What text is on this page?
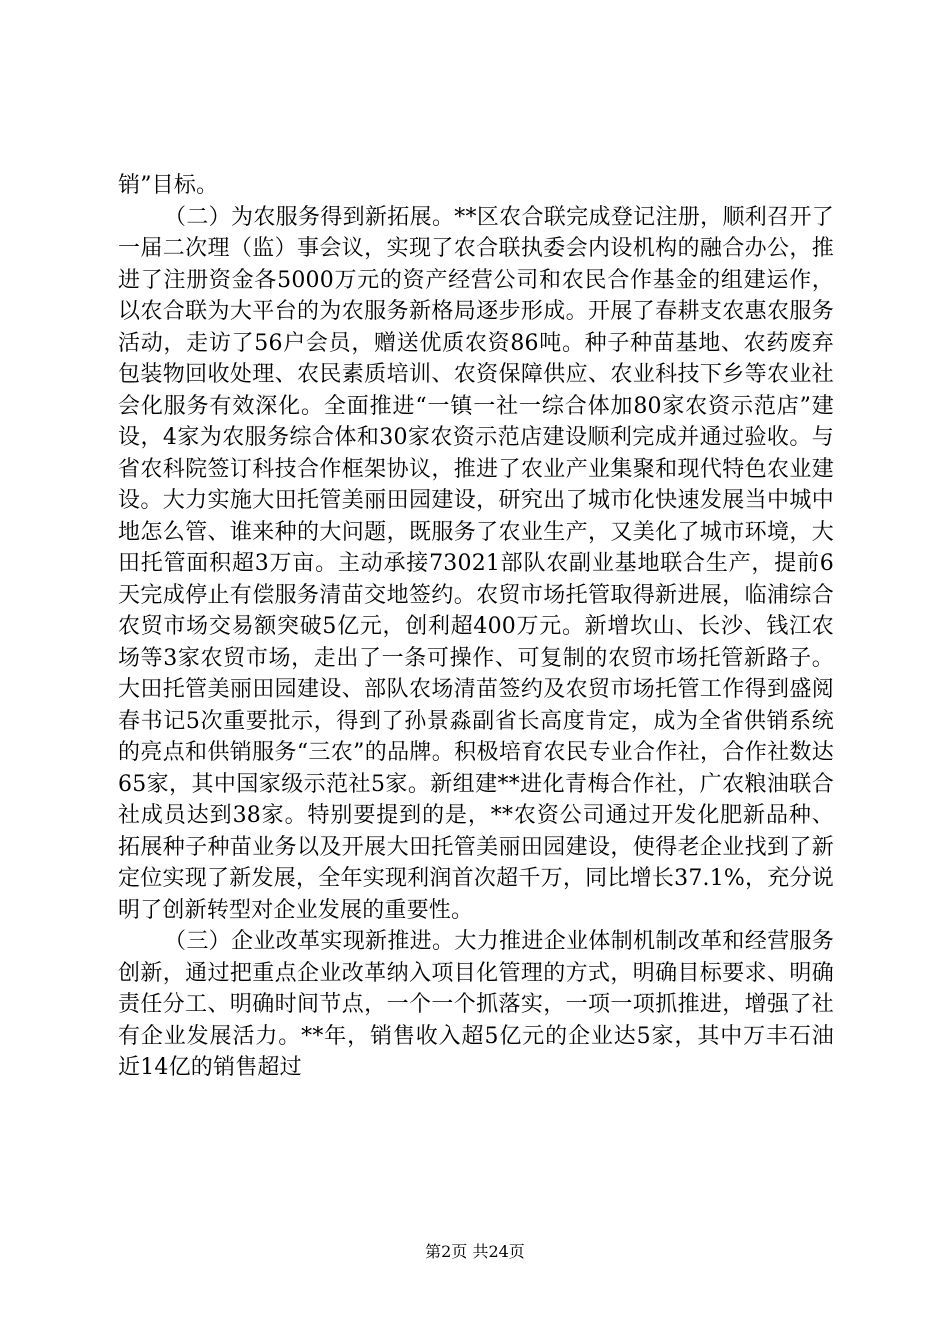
销”目标。

（二）为农服务得到新拓展。**区农合联完成登记注册，顺利召开了一届二次理（监）事会议，实现了农合联执委会内设机构的融合办公，推进了注册资金各5000万元的资产经营公司和农民合作基金的组建运作，以农合联为大平台的为农服务新格局逐步形成。开展了春耕支农惠农服务活动，走访了56户会员，赠送优质农资86吨。种子种苗基地、农药废弃包装物回收处理、农民素质培训、农资保障供应、农业科技下乡等农业社会化服务有效深化。全面推进“一镇一社一综合体加80家农资示范店”建设，4家为农服务综合体和30家农资示范店建设顺利完成并通过验收。与省农科院签订科技合作框架协议，推进了农业产业集聚和现代特色农业建设。大力实施大田托管美丽田园建设，研究出了城市化快速发展当中城中地怎么管、谁来种的大问题，既服务了农业生产，又美化了城市环境，大田托管面积超3万亩。主动承接73021部队农副业基地联合生产，提前6天完成停止有偿服务清苗交地签约。农贸市场托管取得新进展，临浦综合农贸市场交易额突破5亿元，创利超400万元。新增坎山、长沙、钱江农场等3家农贸市场，走出了一条可操作、可复制的农贸市场托管新路子。大田托管美丽田园建设、部队农场清苗签约及农贸市场托管工作得到盛阅春书记5次重要批示，得到了孙景淼副省长高度肯定，成为全省供销系统的亮点和供销服务“三农”的品牌。积极培育农民专业合作社，合作社数达65家，其中国家级示范社5家。新组建**进化青梅合作社，广农粮油联合社成员达到38家。特别要提到的是，**农资公司通过开发化肥新品种、拓展种子种苗业务以及开展大田托管美丽田园建设，使得老企业找到了新定位实现了新发展，全年实现利润首次超千万，同比增长37.1%，充分说明了创新转型对企业发展的重要性。

（三）企业改革实现新推进。大力推进企业体制机制改革和经营服务创新，通过把重点企业改革纳入项目化管理的方式，明确目标要求、明确责任分工、明确时间节点，一个一个抓落实，一项一项抓推进，增强了社有企业发展活力。**年，销售收入超5亿元的企业达5家，其中万丰石油近14亿的销售超过

第2页 共24页
